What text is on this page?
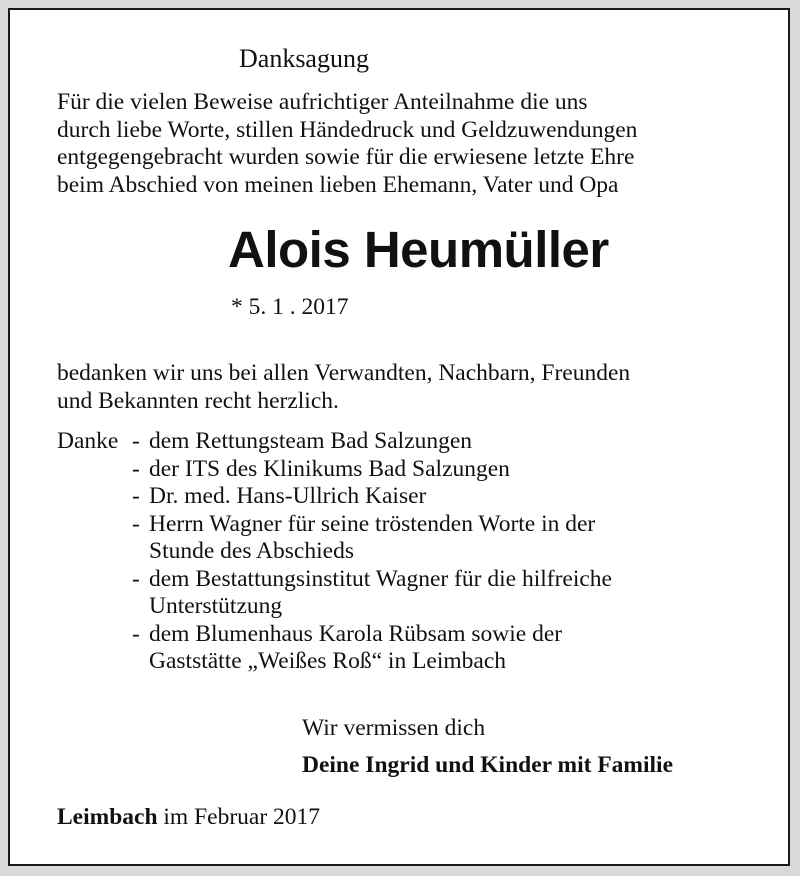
Danksagung
Für die vielen Beweise aufrichtiger Anteilnahme die uns
durch liebe Worte, stillen Händedruck und Geldzuwendungen
entgegengebracht wurden sowie für die erwiesene letzte Ehre
beim Abschied von meinen lieben Ehemann, Vater und Opa
Alois Heumüller
* 5. 1 . 2017
bedanken wir uns bei allen Verwandten, Nachbarn, Freunden
und Bekannten recht herzlich.
Danke - dem Rettungsteam Bad Salzungen
- der ITS des Klinikums Bad Salzungen
- Dr. med. Hans-Ullrich Kaiser
- Herrn Wagner für seine tröstenden Worte in der
Stunde des Abschieds
- dem Bestattungsinstitut Wagner für die hilfreiche
Unterstützung
- dem Blumenhaus Karola Rübsam sowie der
Gaststätte „Weißes Roß“ in Leimbach
Wir vermissen dich
Deine Ingrid und Kinder mit Familie
Leimbach im Februar 2017
